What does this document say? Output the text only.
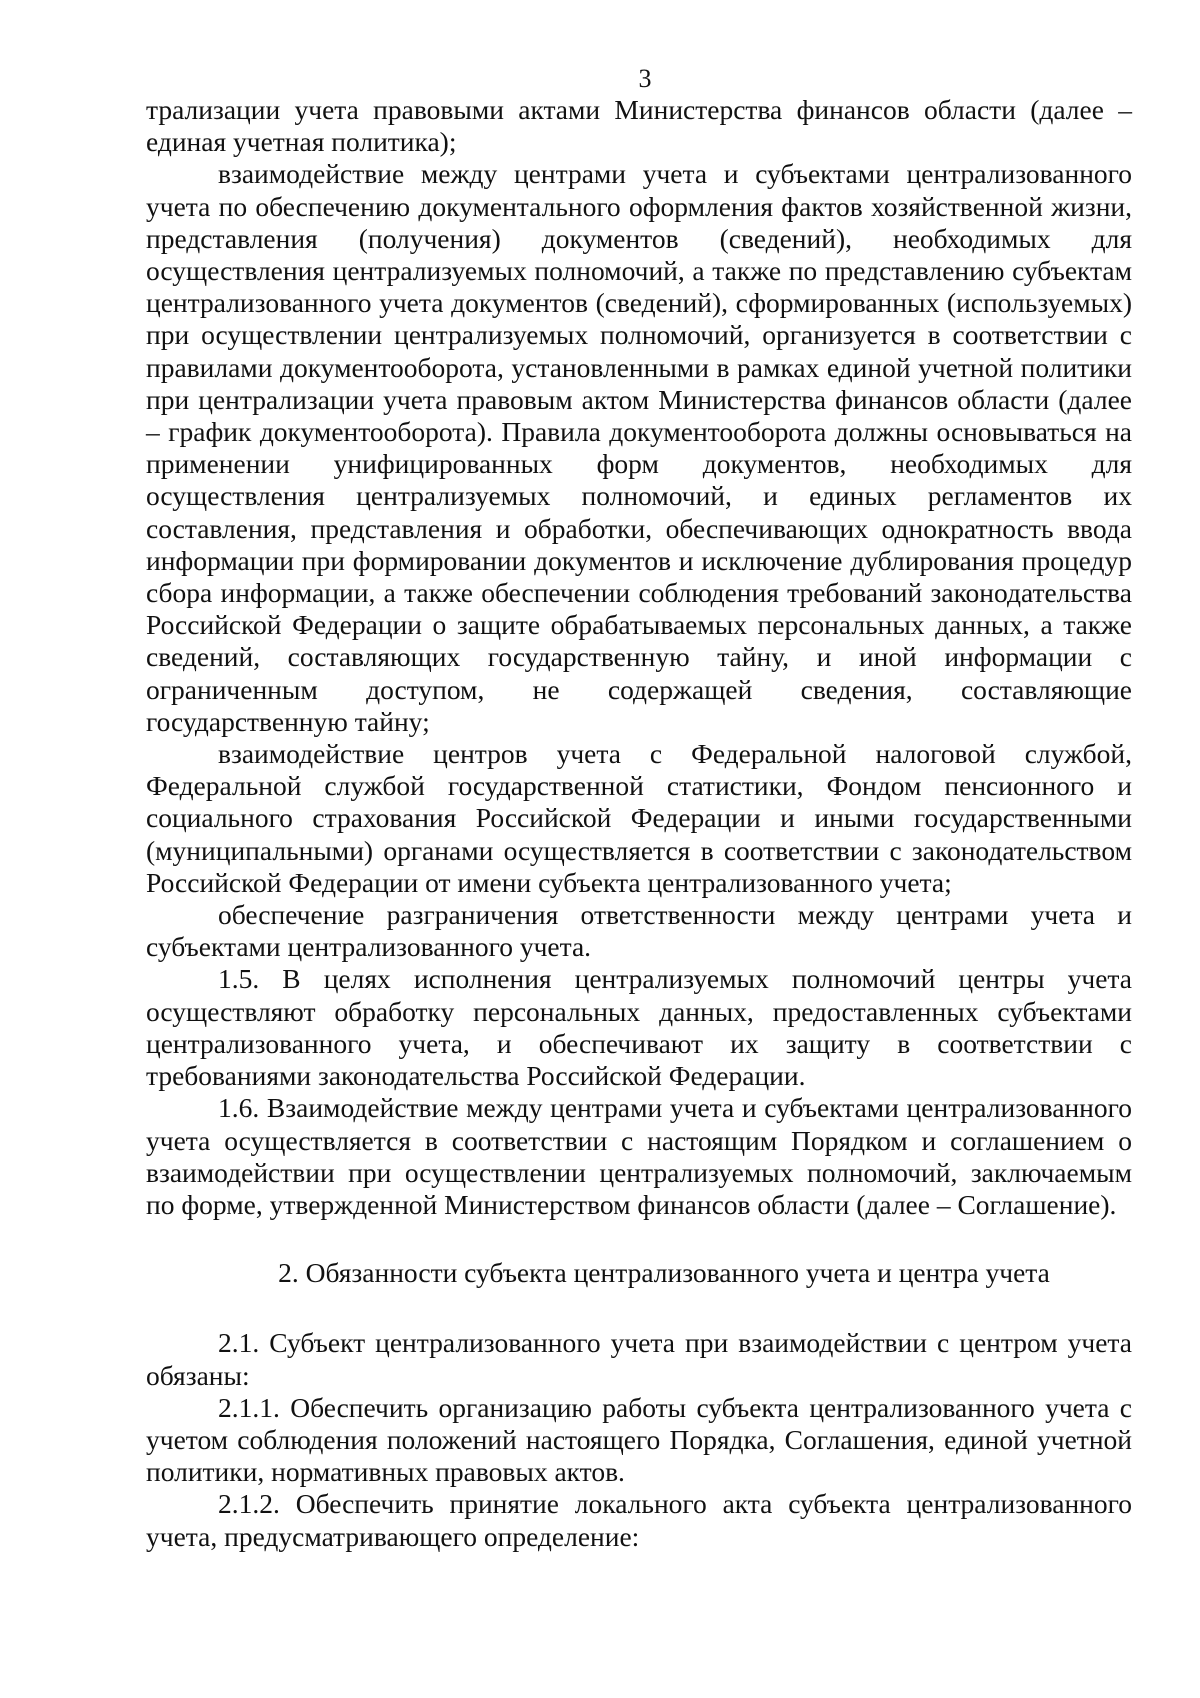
3

трализации учета правовыми актами Министерства финансов области (далее – единая учетная политика);

взаимодействие между центрами учета и субъектами централизованного учета по обеспечению документального оформления фактов хозяйственной жизни, представления (получения) документов (сведений), необходимых для осуществления централизуемых полномочий, а также по представлению субъектам централизованного учета документов (сведений), сформированных (используемых) при осуществлении централизуемых полномочий, организуется в соответствии с правилами документооборота, установленными в рамках единой учетной политики при централизации учета правовым актом Министерства финансов области (далее – график документооборота). Правила документооборота должны основываться на применении унифицированных форм документов, необходимых для осуществления централизуемых полномочий, и единых регламентов их составления, представления и обработки, обеспечивающих однократность ввода информации при формировании документов и исключение дублирования процедур сбора информации, а также обеспечении соблюдения требований законодательства Российской Федерации о защите обрабатываемых персональных данных, а также сведений, составляющих государственную тайну, и иной информации с ограниченным доступом, не содержащей сведения, составляющие государственную тайну;

взаимодействие центров учета с Федеральной налоговой службой, Федеральной службой государственной статистики, Фондом пенсионного и социального страхования Российской Федерации и иными государственными (муниципальными) органами осуществляется в соответствии с законодательством Российской Федерации от имени субъекта централизованного учета;

обеспечение разграничения ответственности между центрами учета и субъектами централизованного учета.

1.5. В целях исполнения централизуемых полномочий центры учета осуществляют обработку персональных данных, предоставленных субъектами централизованного учета, и обеспечивают их защиту в соответствии с требованиями законодательства Российской Федерации.

1.6. Взаимодействие между центрами учета и субъектами централизованного учета осуществляется в соответствии с настоящим Порядком и соглашением о взаимодействии при осуществлении централизуемых полномочий, заключаемым по форме, утвержденной Министерством финансов области (далее – Соглашение).

2. Обязанности субъекта централизованного учета и центра учета

2.1. Субъект централизованного учета при взаимодействии с центром учета обязаны:

2.1.1. Обеспечить организацию работы субъекта централизованного учета с учетом соблюдения положений настоящего Порядка, Соглашения, единой учетной политики, нормативных правовых актов.

2.1.2. Обеспечить принятие локального акта субъекта централизованного учета, предусматривающего определение:
